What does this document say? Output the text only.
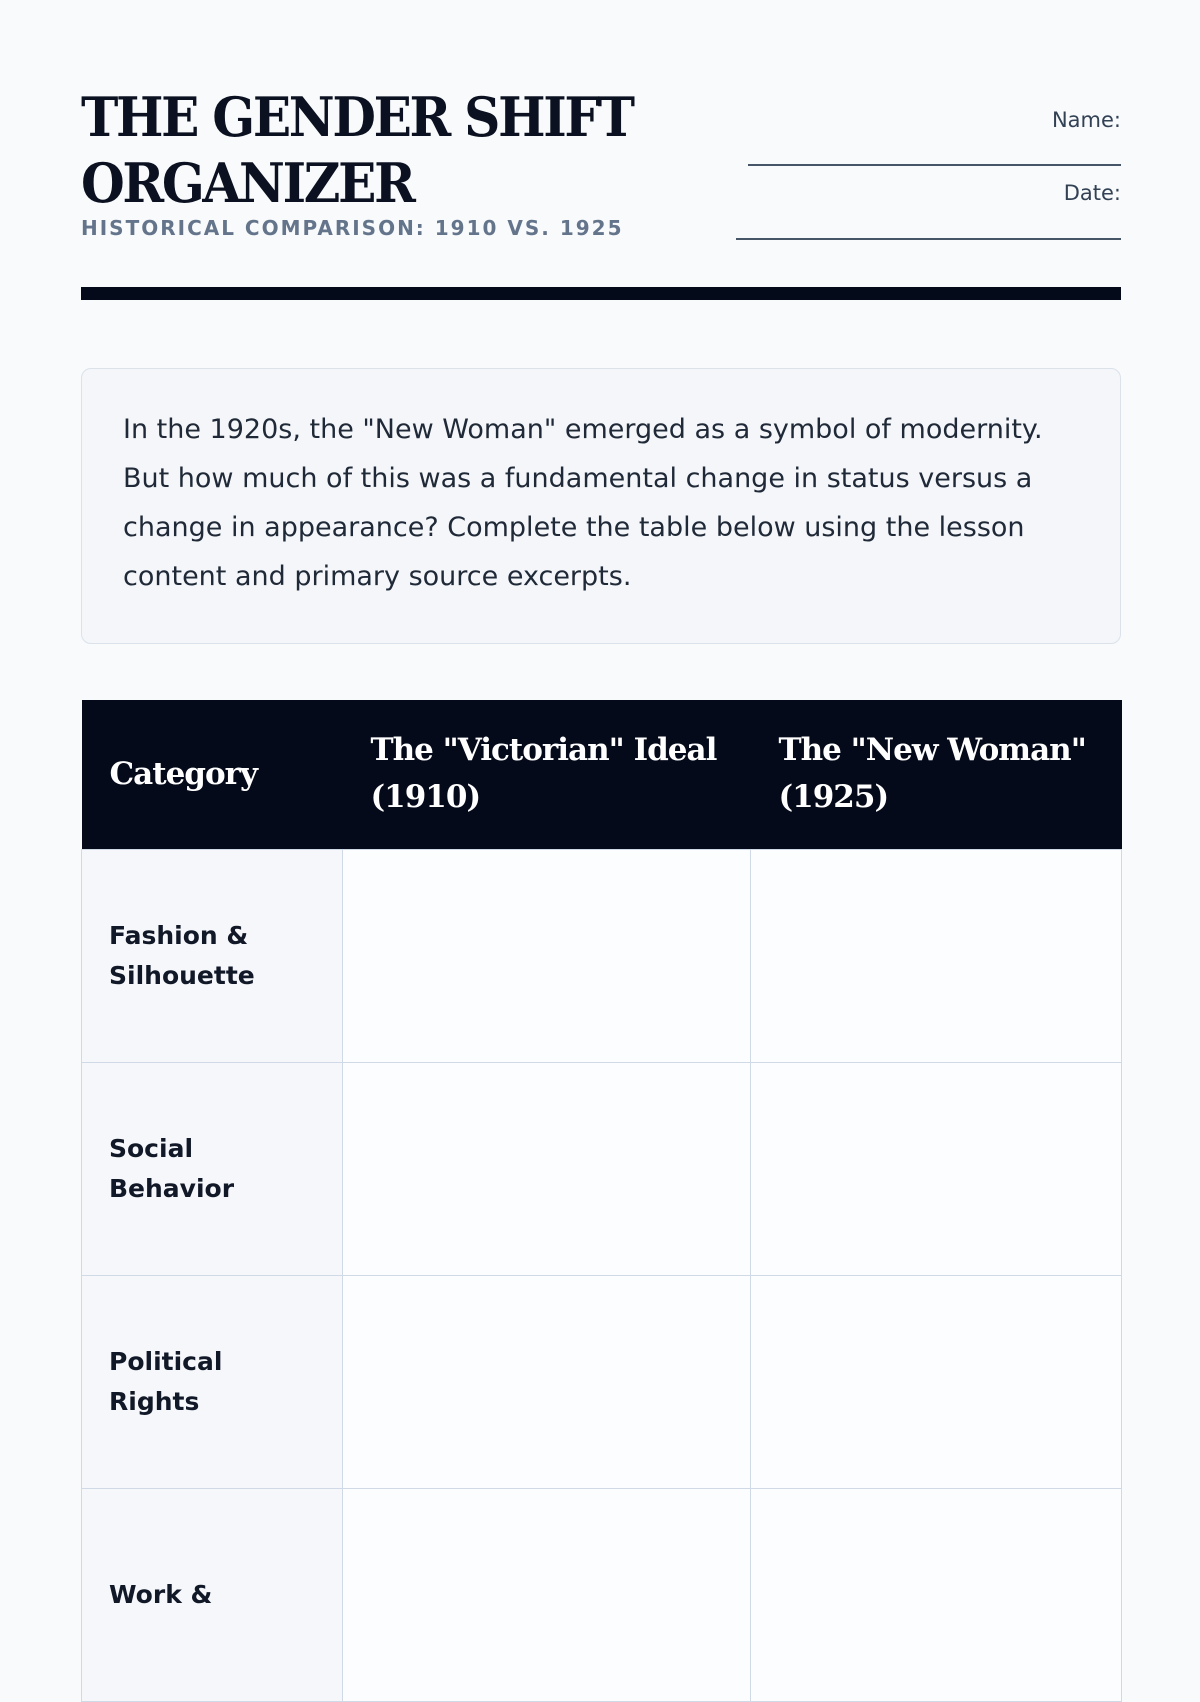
THE GENDER SHIFT
ORGANIZER

HISTORICAL COMPARISON: 1910 VS. 1925

Name:
Date:

In the 1920s, the "New Woman" emerged as a symbol of modernity. But how much of this was a fundamental change in status versus a change in appearance? Complete the table below using the lesson content and primary source excerpts.

Category	The "Victorian" Ideal (1910)	The "New Woman" (1925)
Fashion & Silhouette		
Social Behavior		
Political Rights		
Work &		
